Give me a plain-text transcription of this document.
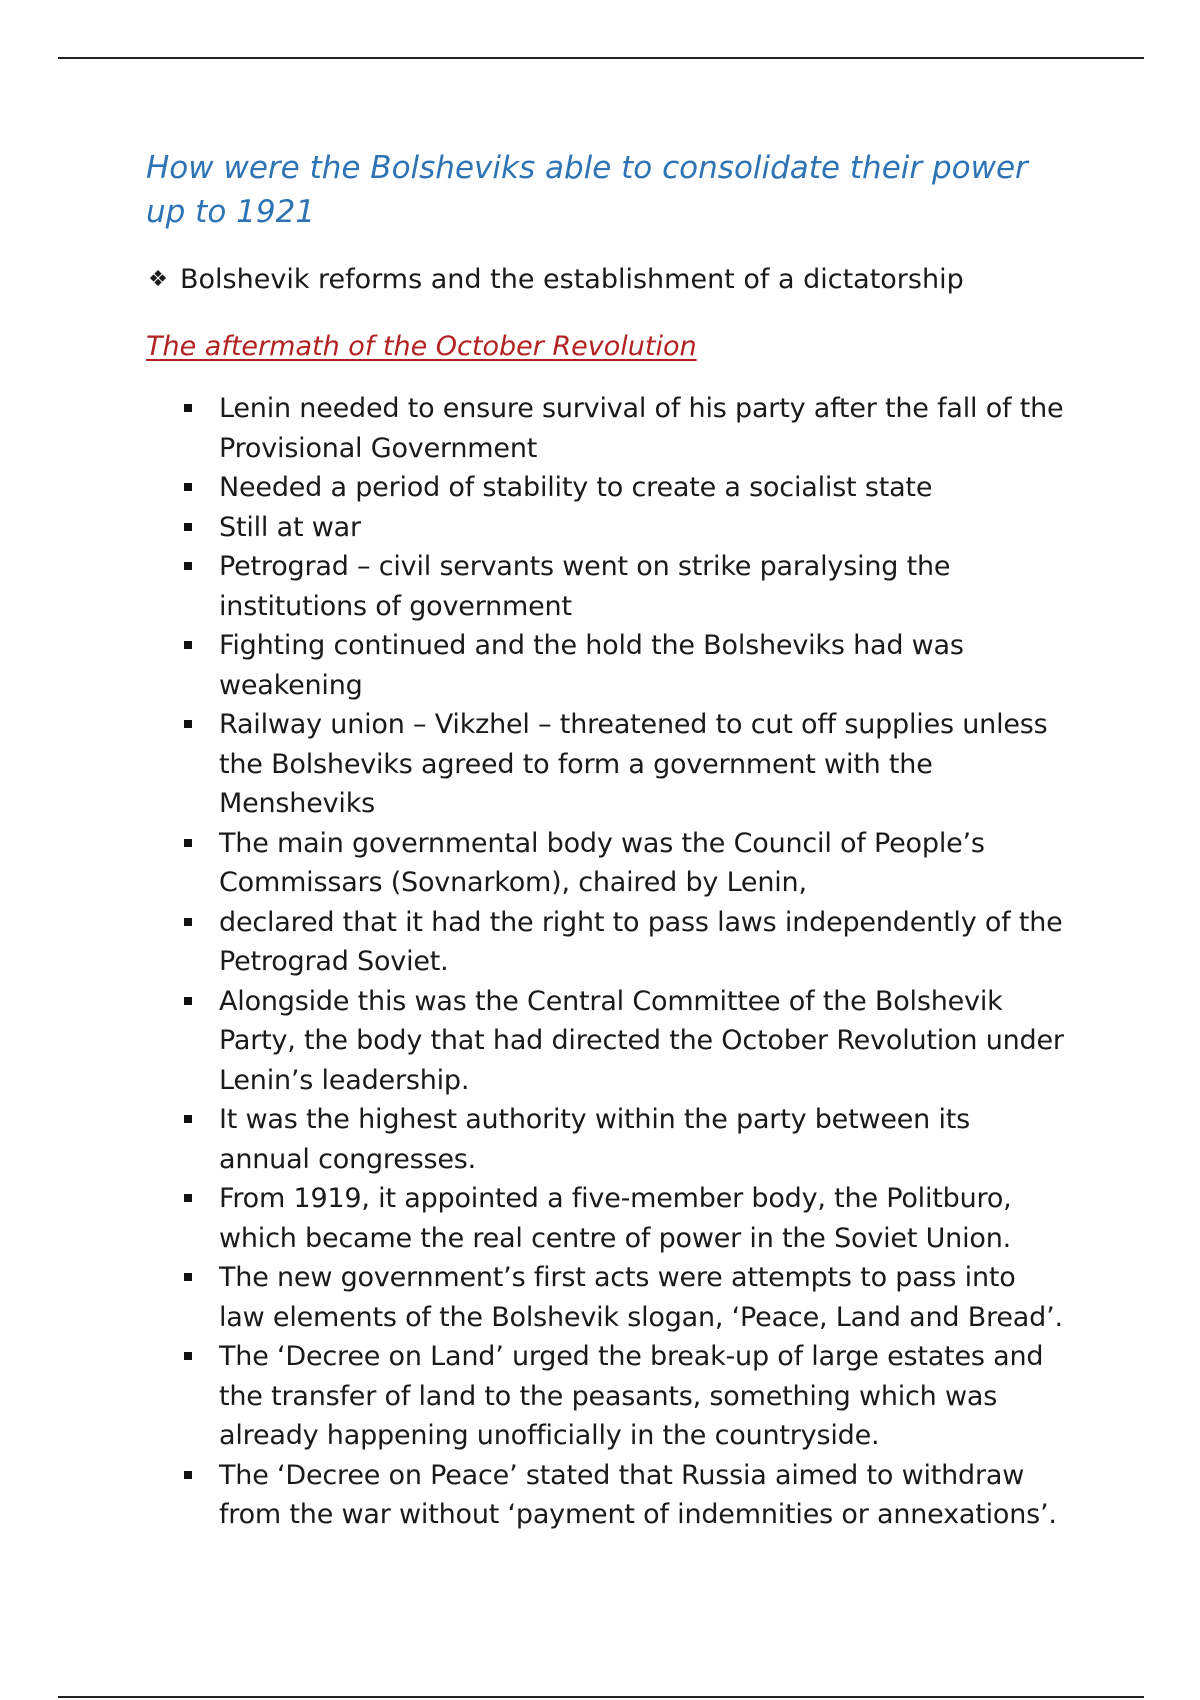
How were the Bolsheviks able to consolidate their power up to 1921
❖ Bolshevik reforms and the establishment of a dictatorship
The aftermath of the October Revolution
Lenin needed to ensure survival of his party after the fall of the Provisional Government
Needed a period of stability to create a socialist state
Still at war
Petrograd – civil servants went on strike paralysing the institutions of government
Fighting continued and the hold the Bolsheviks had was weakening
Railway union – Vikzhel – threatened to cut off supplies unless the Bolsheviks agreed to form a government with the Mensheviks
The main governmental body was the Council of People’s Commissars (Sovnarkom), chaired by Lenin,
declared that it had the right to pass laws independently of the Petrograd Soviet.
Alongside this was the Central Committee of the Bolshevik Party, the body that had directed the October Revolution under Lenin’s leadership.
It was the highest authority within the party between its annual congresses.
From 1919, it appointed a five-member body, the Politburo, which became the real centre of power in the Soviet Union.
The new government’s first acts were attempts to pass into law elements of the Bolshevik slogan, ‘Peace, Land and Bread’.
The ‘Decree on Land’ urged the break-up of large estates and the transfer of land to the peasants, something which was already happening unofficially in the countryside.
The ‘Decree on Peace’ stated that Russia aimed to withdraw from the war without ‘payment of indemnities or annexations’.
